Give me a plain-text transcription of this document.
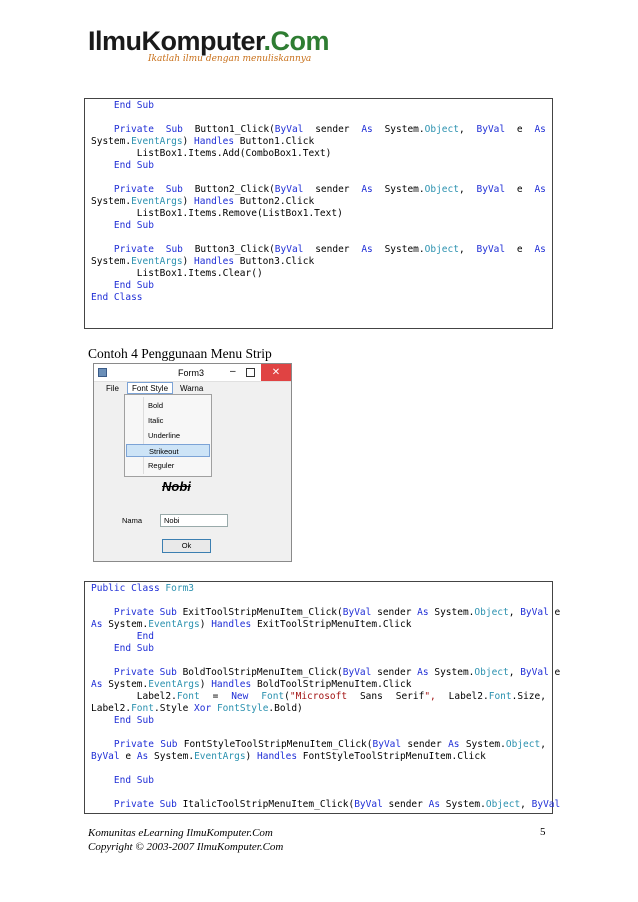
IlmuKomputer.Com
Ikatlah ilmu dengan menuliskannya
End Sub
Private Sub Button1_Click(ByVal sender As System.Object, ByVal e As
System.EventArgs) Handles Button1.Click
ListBox1.Items.Add(ComboBox1.Text)
End Sub
Private Sub Button2_Click(ByVal sender As System.Object, ByVal e As
System.EventArgs) Handles Button2.Click
ListBox1.Items.Remove(ListBox1.Text)
End Sub
Private Sub Button3_Click(ByVal sender As System.Object, ByVal e As
System.EventArgs) Handles Button3.Click
ListBox1.Items.Clear()
End Sub
End Class
Contoh 4 Penggunaan Menu Strip
Form3	–	✕
File	Font Style	Warna
Bold
Italic
Underline
Strikeout
Reguler
Nobi
Nama	Nobi
Ok
Public Class Form3
Private Sub ExitToolStripMenuItem_Click(ByVal sender As System.Object, ByVal e
As System.EventArgs) Handles ExitToolStripMenuItem.Click
End
End Sub
Private Sub BoldToolStripMenuItem_Click(ByVal sender As System.Object, ByVal e
As System.EventArgs) Handles BoldToolStripMenuItem.Click
Label2.Font = New Font("Microsoft Sans Serif", Label2.Font.Size,
Label2.Font.Style Xor FontStyle.Bold)
End Sub
Private Sub FontStyleToolStripMenuItem_Click(ByVal sender As System.Object,
ByVal e As System.EventArgs) Handles FontStyleToolStripMenuItem.Click
End Sub
Private Sub ItalicToolStripMenuItem_Click(ByVal sender As System.Object, ByVal
Komunitas eLearning IlmuKomputer.Com
Copyright © 2003-2007 IlmuKomputer.Com
5
